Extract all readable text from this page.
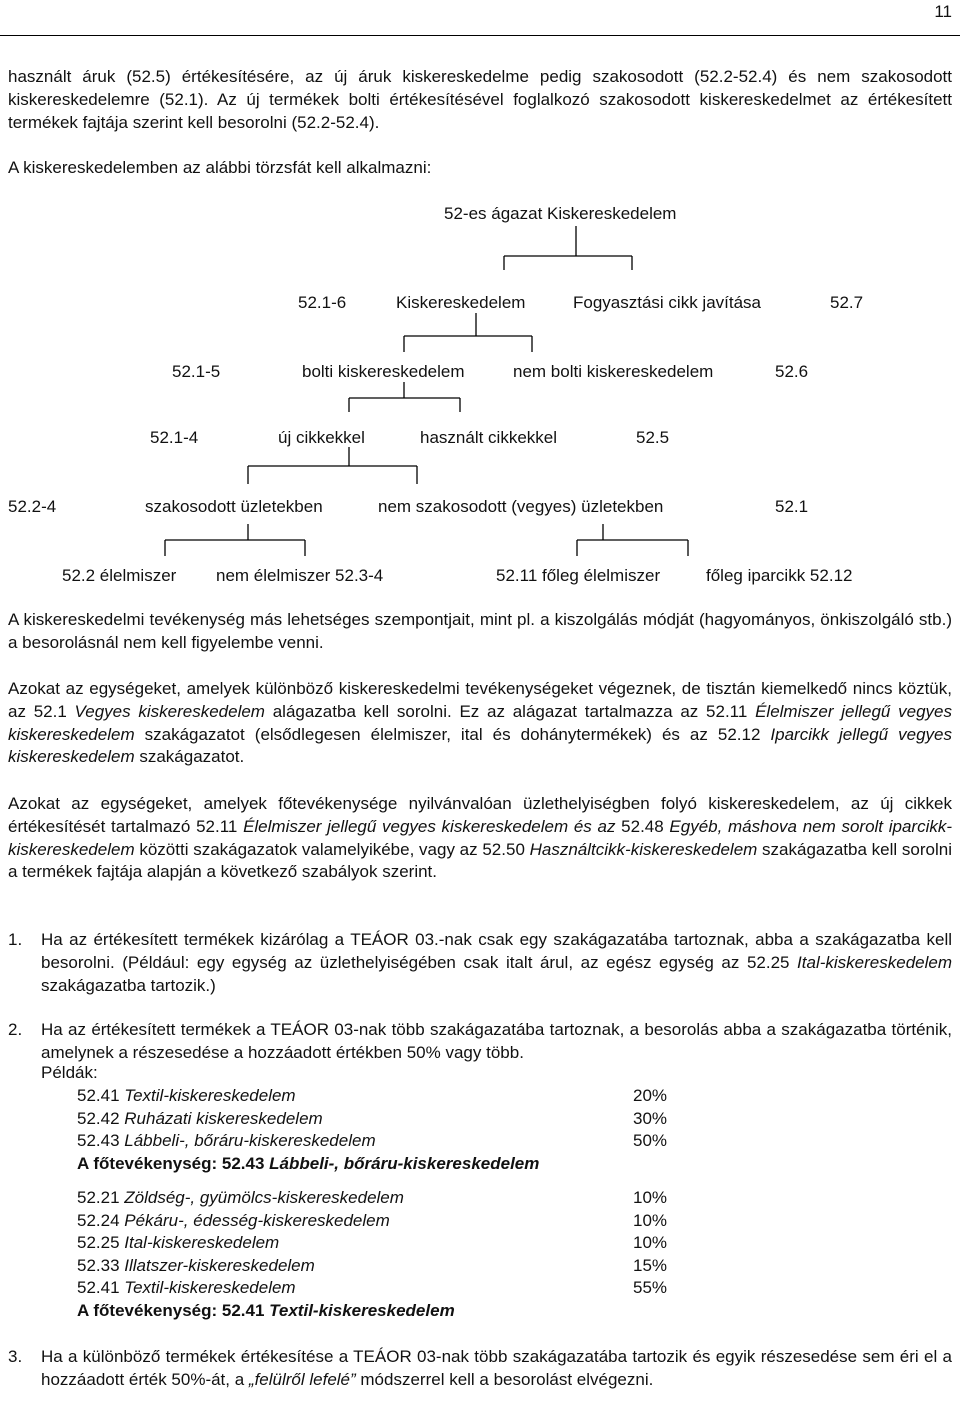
11

használt áruk (52.5) értékesítésére, az új áruk kiskereskedelme pedig szakosodott (52.2-52.4) és nem szakosodott kiskereskedelemre (52.1). Az új termékek bolti értékesítésével foglalkozó szakosodott kiskereskedelmet az értékesített termékek fajtája szerint kell besorolni (52.2-52.4).

A kiskereskedelemben az alábbi törzsfát kell alkalmazni:

52-es ágazat Kiskereskedelem
52.1-6	Kiskereskedelem	Fogyasztási cikk javítása	52.7
52.1-5	bolti kiskereskedelem	nem bolti kiskereskedelem	52.6
52.1-4	új cikkekkel	használt cikkekkel	52.5
52.2-4	szakosodott üzletekben	nem szakosodott (vegyes) üzletekben	52.1
52.2 élelmiszer nem élelmiszer 52.3-4	52.11 főleg élelmiszer	főleg iparcikk 52.12

A kiskereskedelmi tevékenység más lehetséges szempontjait, mint pl. a kiszolgálás módját (hagyományos, önkiszolgáló stb.) a besorolásnál nem kell figyelembe venni.

Azokat az egységeket, amelyek különböző kiskereskedelmi tevékenységeket végeznek, de tisztán kiemelkedő nincs köztük, az 52.1 Vegyes kiskereskedelem alágazatba kell sorolni. Ez az alágazat tartalmazza az 52.11 Élelmiszer jellegű vegyes kiskereskedelem szakágazatot (elsődlegesen élelmiszer, ital és dohánytermékek) és az 52.12 Iparcikk jellegű vegyes kiskereskedelem szakágazatot.

Azokat az egységeket, amelyek főtevékenysége nyilvánvalóan üzlethelyiségben folyó kiskereskedelem, az új cikkek értékesítését tartalmazó 52.11 Élelmiszer jellegű vegyes kiskereskedelem és az 52.48 Egyéb, máshova nem sorolt iparcikk-kiskereskedelem közötti szakágazatok valamelyikébe, vagy az 52.50 Használtcikk-kiskereskedelem szakágazatba kell sorolni a termékek fajtája alapján a következő szabályok szerint.

1. Ha az értékesített termékek kizárólag a TEÁOR 03.-nak csak egy szakágazatába tartoznak, abba a szakágazatba kell besorolni. (Például: egy egység az üzlethelyiségében csak italt árul, az egész egység az 52.25 Ital-kiskereskedelem szakágazatba tartozik.)
2. Ha az értékesített termékek a TEÁOR 03-nak több szakágazatába tartoznak, a besorolás abba a szakágazatba történik, amelynek a részesedése a hozzáadott értékben 50% vagy több.
Példák:
52.41 Textil-kiskereskedelem	20%
52.42 Ruházati kiskereskedelem	30%
52.43 Lábbeli-, bőráru-kiskereskedelem	50%
A főtevékenység: 52.43 Lábbeli-, bőráru-kiskereskedelem
52.21 Zöldség-, gyümölcs-kiskereskedelem	10%
52.24 Pékáru-, édesség-kiskereskedelem	10%
52.25 Ital-kiskereskedelem	10%
52.33 Illatszer-kiskereskedelem	15%
52.41 Textil-kiskereskedelem	55%
A főtevékenység: 52.41 Textil-kiskereskedelem
3. Ha a különböző termékek értékesítése a TEÁOR 03-nak több szakágazatába tartozik és egyik részesedése sem éri el a hozzáadott érték 50%-át, a „felülről lefelé” módszerrel kell a besorolást elvégezni.
